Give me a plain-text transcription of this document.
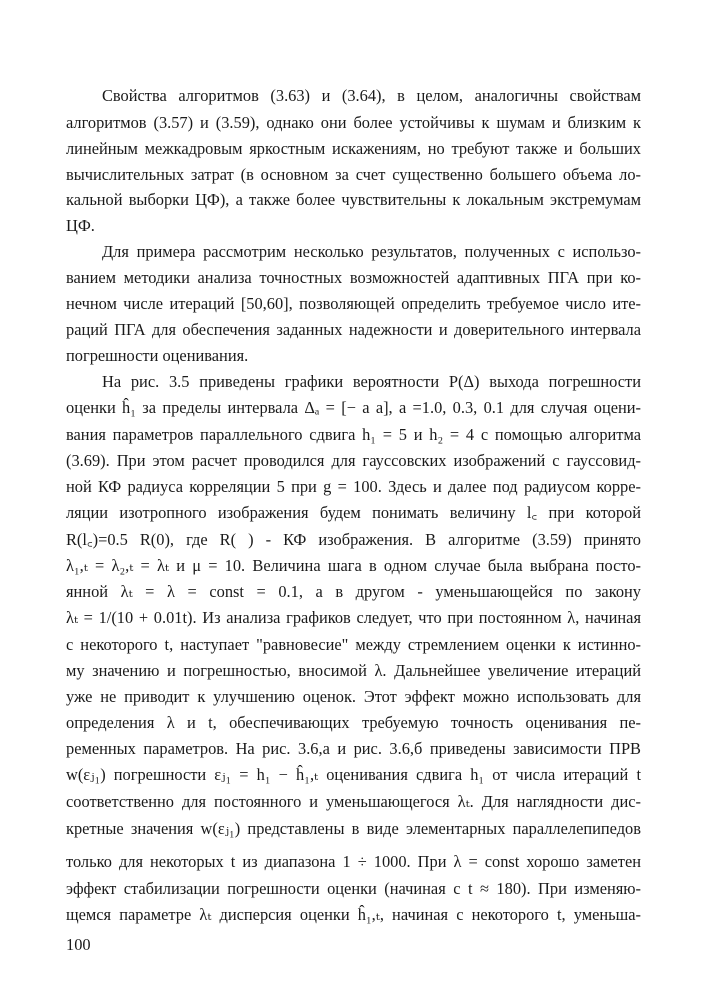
Свойства алгоритмов (3.63) и (3.64), в целом, аналогичны свойствам
алгоритмов (3.57) и (3.59), однако они более устойчивы к шумам и близким к
линейным межкадровым яркостным искажениям, но требуют также и больших
вычислительных затрат (в основном за счет существенно большего объема ло-
кальной выборки ЦФ), а также более чувствительны к локальным экстремумам
ЦФ.
Для примера рассмотрим несколько результатов, полученных с использо-
ванием методики анализа точностных возможностей адаптивных ПГА при ко-
нечном числе итераций [50,60], позволяющей определить требуемое число ите-
раций ПГА для обеспечения заданных надежности и доверительного интервала
погрешности оценивания.
На рис. 3.5 приведены графики вероятности P(Δ) выхода погрешности
оценки ĥ₁ за пределы интервала Δₐ = [− a a], a =1.0, 0.3, 0.1 для случая оцени-
вания параметров параллельного сдвига h₁ = 5 и h₂ = 4 с помощью алгоритма
(3.69). При этом расчет проводился для гауссовских изображений с гауссовид-
ной КФ радиуса корреляции 5 при g = 100. Здесь и далее под радиусом корре-
ляции изотропного изображения будем понимать величину l꜀ при которой
R(l꜀)=0.5 R(0), где R( ) - КФ изображения. В алгоритме (3.59) принято
λ₁,ₜ = λ₂,ₜ = λₜ и μ = 10. Величина шага в одном случае была выбрана посто-
янной λₜ = λ = const = 0.1, а в другом - уменьшающейся по закону
λₜ = 1/(10 + 0.01t). Из анализа графиков следует, что при постоянном λ, начиная
с некоторого t, наступает "равновесие" между стремлением оценки к истинно-
му значению и погрешностью, вносимой λ. Дальнейшее увеличение итераций
уже не приводит к улучшению оценок. Этот эффект можно использовать для
определения λ и t, обеспечивающих требуемую точность оценивания пе-
ременных параметров. На рис. 3.6,а и рис. 3.6,б приведены зависимости ПРВ
w(εⱼ₁) погрешности εⱼ₁ = h₁ − ĥ₁,ₜ оценивания сдвига h₁ от числа итераций t
соответственно для постоянного и уменьшающегося λₜ. Для наглядности дис-
кретные значения w(εⱼ₁) представлены в виде элементарных параллелепипедов
только для некоторых t из диапазона 1 ÷ 1000. При λ = const хорошо заметен
эффект стабилизации погрешности оценки (начиная с t ≈ 180). При изменяю-
щемся параметре λₜ дисперсия оценки ĥ₁,ₜ, начиная с некоторого t, уменьша-
100
